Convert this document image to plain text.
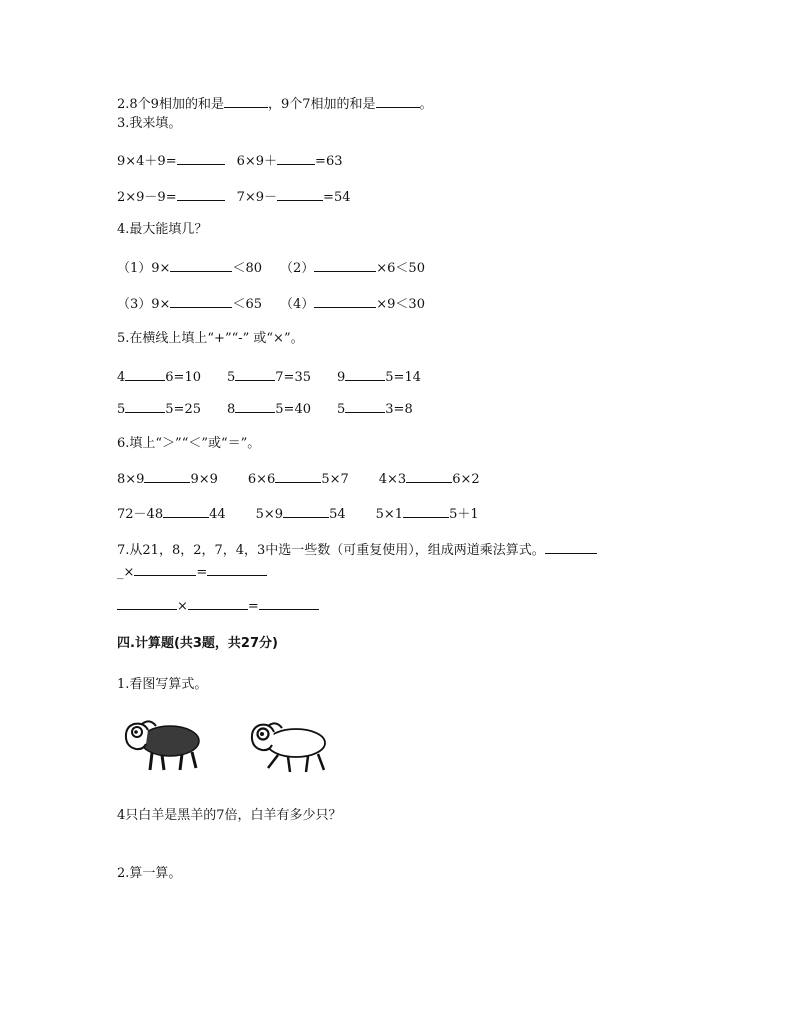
2.8个9相加的和是	，9个7相加的和是	。
3.我来填。
9×4＋9=	6×9＋	=63
2×9－9=	7×9－	=54
4.最大能填几？
（1）9×	＜80 （2）	×6＜50
（3）9×	＜65 （4）	×9＜30
5.在横线上填上“+”“-” 或“×”。
4	6=10 5	7=35 9	5=14
5	5=25 8	5=40 5	3=8
6.填上“＞”“＜”或“＝”。
8×9	9×9 6×6	5×7 4×3	6×2
72－48	44 5×9	54 5×1	5＋1
7.从21，8，2，7，4，3中选一些数（可重复使用），组成两道乘法算式。
_×	=
×	=
四.计算题(共3题，共27分)
1.看图写算式。
4只白羊是黑羊的7倍，白羊有多少只？
2.算一算。
